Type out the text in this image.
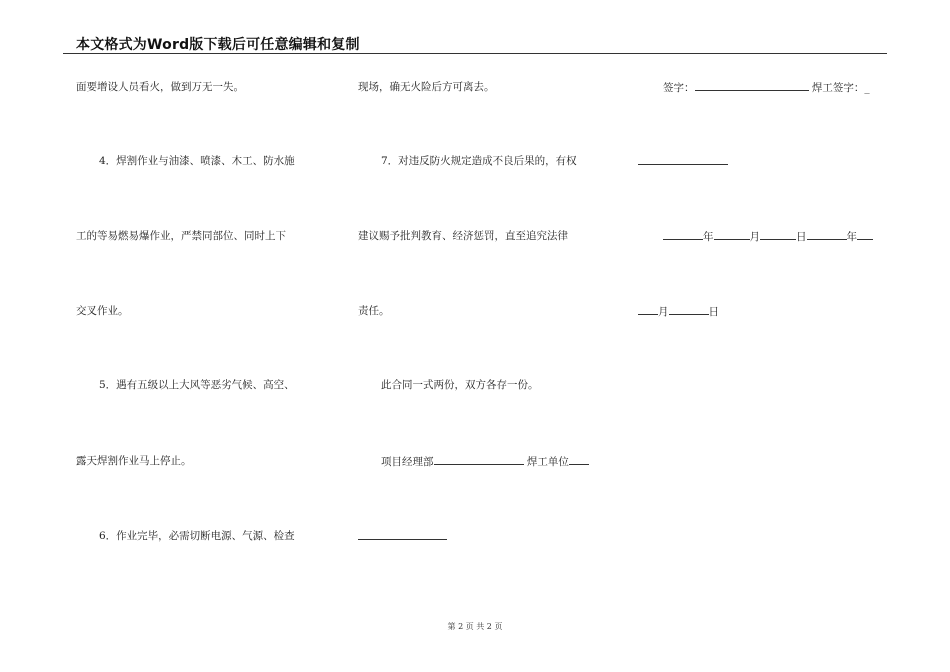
本文格式为Word版下载后可任意编辑和复制
面要增设人员看火，做到万无一失。
4．焊割作业与油漆、喷漆、木工、防水施
工的等易燃易爆作业，严禁同部位、同时上下
交叉作业。
5．遇有五级以上大风等恶劣气候、高空、
露天焊割作业马上停止。
6．作业完毕，必需切断电源、气源、检查
现场，确无火险后方可离去。
7．对违反防火规定造成不良后果的，有权
建议赐予批判教育、经济惩罚，直至追究法律
责任。
此合同一式两份，双方各存一份。
项目经理部	焊工单位
签字：	焊工签字：_
年	月	日	年
月	日
第 2 页 共 2 页
